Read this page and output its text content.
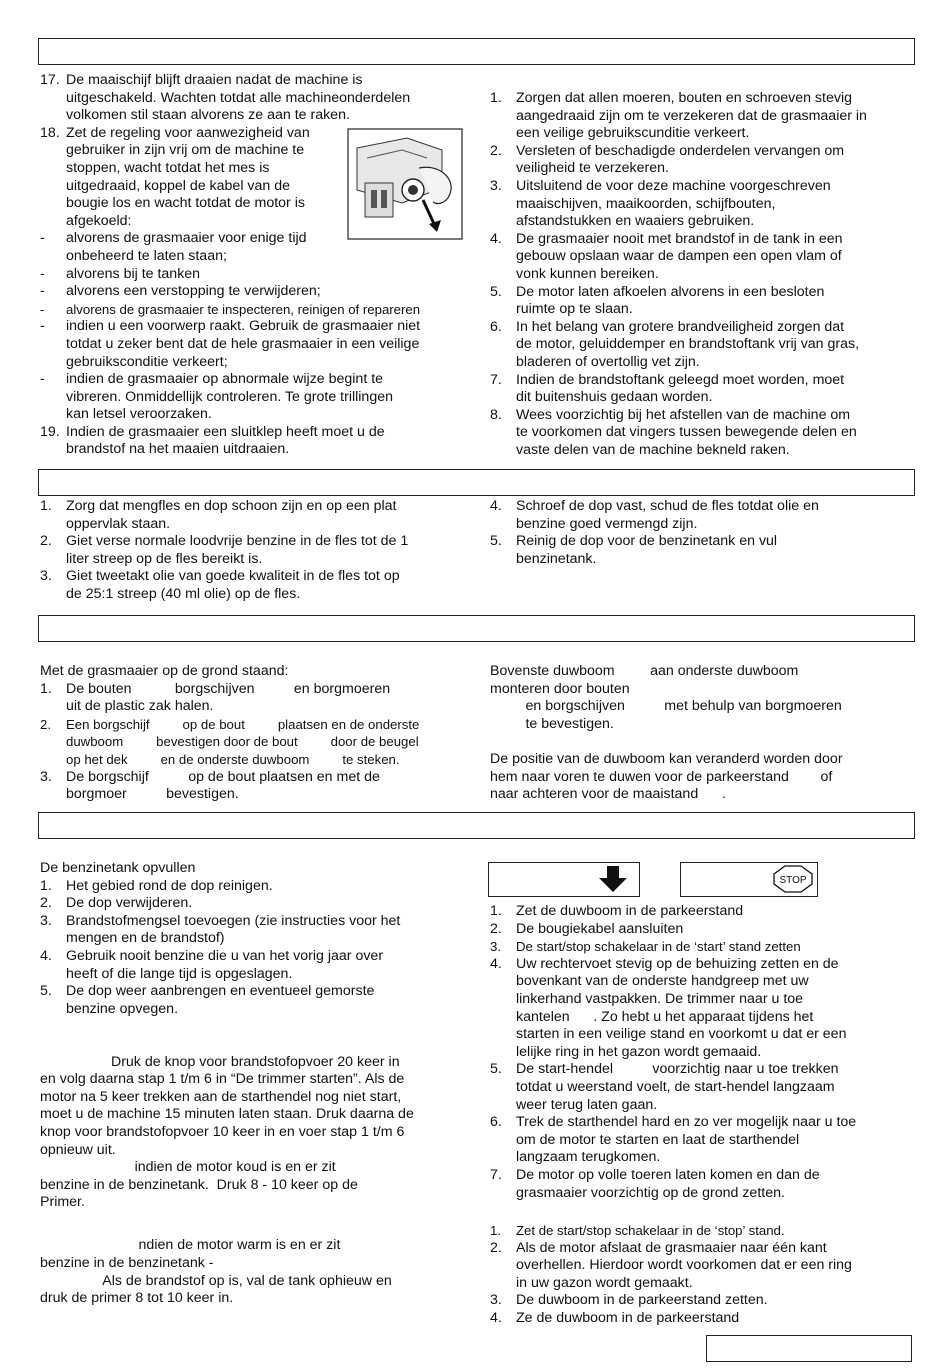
17. De maaischijf blijft draaien nadat de machine is
uitgeschakeld. Wachten totdat alle machineonderdelen
volkomen stil staan alvorens ze aan te raken.
18. Zet de regeling voor aanwezigheid van
gebruiker in zijn vrij om de machine te
stoppen, wacht totdat het mes is
uitgedraaid, koppel de kabel van de
bougie los en wacht totdat de motor is
afgekoeld:
- alvorens de grasmaaier voor enige tijd
onbeheerd te laten staan;
- alvorens bij te tanken
- alvorens een verstopping te verwijderen;
- alvorens de grasmaaier te inspecteren, reinigen of repareren
- indien u een voorwerp raakt. Gebruik de grasmaaier niet
totdat u zeker bent dat de hele grasmaaier in een veilige
gebruiksconditie verkeert;
- indien de grasmaaier op abnormale wijze begint te
vibreren. Onmiddellijk controleren. Te grote trillingen
kan letsel veroorzaken.
19. Indien de grasmaaier een sluitklep heeft moet u de
brandstof na het maaien uitdraaien.
1. Zorgen dat allen moeren, bouten en schroeven stevig
aangedraaid zijn om te verzekeren dat de grasmaaier in
een veilige gebruikscunditie verkeert.
2. Versleten of beschadigde onderdelen vervangen om
veiligheid te verzekeren.
3. Uitsluitend de voor deze machine voorgeschreven
maaischijven, maaikoorden, schijfbouten,
afstandstukken en waaiers gebruiken.
4. De grasmaaier nooit met brandstof in de tank in een
gebouw opslaan waar de dampen een open vlam of
vonk kunnen bereiken.
5. De motor laten afkoelen alvorens in een besloten
ruimte op te slaan.
6. In het belang van grotere brandveiligheid zorgen dat
de motor, geluiddemper en brandstoftank vrij van gras,
bladeren of overtollig vet zijn.
7. Indien de brandstoftank geleegd moet worden, moet
dit buitenshuis gedaan worden.
8. Wees voorzichtig bij het afstellen van de machine om
te voorkomen dat vingers tussen bewegende delen en
vaste delen van de machine bekneld raken.
1. Zorg dat mengfles en dop schoon zijn en op een plat
oppervlak staan.
2. Giet verse normale loodvrije benzine in de fles tot de 1
liter streep op de fles bereikt is.
3. Giet tweetakt olie van goede kwaliteit in de fles tot op
de 25:1 streep (40 ml olie) op de fles.
4. Schroef de dop vast, schud de fles totdat olie en
benzine goed vermengd zijn.
5. Reinig de dop voor de benzinetank en vul
benzinetank.
Met de grasmaaier op de grond staand:
1. De bouten           borgschijven          en borgmoeren
uit de plastic zak halen.
2. Een borgschijf         op de bout         plaatsen en de onderste
duwboom         bevestigen door de bout         door de beugel
op het dek         en de onderste duwboom         te steken.
3. De borgschijf          op de bout plaatsen en met de
borgmoer          bevestigen.
Bovenste duwboom         aan onderste duwboom
monteren door bouten
en borgschijven          met behulp van borgmoeren
te bevestigen.
De positie van de duwboom kan veranderd worden door
hem naar voren te duwen voor de parkeerstand        of
naar achteren voor de maaistand      .
De benzinetank opvullen
1. Het gebied rond de dop reinigen.
2. De dop verwijderen.
3. Brandstofmengsel toevoegen (zie instructies voor het
mengen en de brandstof)
4. Gebruik nooit benzine die u van het vorig jaar over
heeft of die lange tijd is opgeslagen.
5. De dop weer aanbrengen en eventueel gemorste
benzine opvegen.
Druk de knop voor brandstofopvoer 20 keer in
en volg daarna stap 1 t/m 6 in “De trimmer starten”. Als de
motor na 5 keer trekken aan de starthendel nog niet start,
moet u de machine 15 minuten laten staan. Druk daarna de
knop voor brandstofopvoer 10 keer in en voer stap 1 t/m 6
opnieuw uit.
indien de motor koud is en er zit
benzine in de benzinetank.  Druk 8 - 10 keer op de
Primer.
ndien de motor warm is en er zit
benzine in de benzinetank -
Als de brandstof op is, val de tank ophieuw en
druk de primer 8 tot 10 keer in.
STOP
1. Zet de duwboom in de parkeerstand
2. De bougiekabel aansluiten
3. De start/stop schakelaar in de ‘start’ stand zetten
4. Uw rechtervoet stevig op de behuizing zetten en de
bovenkant van de onderste handgreep met uw
linkerhand vastpakken. De trimmer naar u toe
kantelen      . Zo hebt u het apparaat tijdens het
starten in een veilige stand en voorkomt u dat er een
lelijke ring in het gazon wordt gemaaid.
5. De start-hendel          voorzichtig naar u toe trekken
totdat u weerstand voelt, de start-hendel langzaam
weer terug laten gaan.
6. Trek de starthendel hard en zo ver mogelijk naar u toe
om de motor te starten en laat de starthendel
langzaam terugkomen.
7. De motor op volle toeren laten komen en dan de
grasmaaier voorzichtig op de grond zetten.
1. Zet de start/stop schakelaar in de ‘stop’ stand.
2. Als de motor afslaat de grasmaaier naar één kant
overhellen. Hierdoor wordt voorkomen dat er een ring
in uw gazon wordt gemaakt.
3. De duwboom in de parkeerstand zetten.
4. Ze de duwboom in de parkeerstand
